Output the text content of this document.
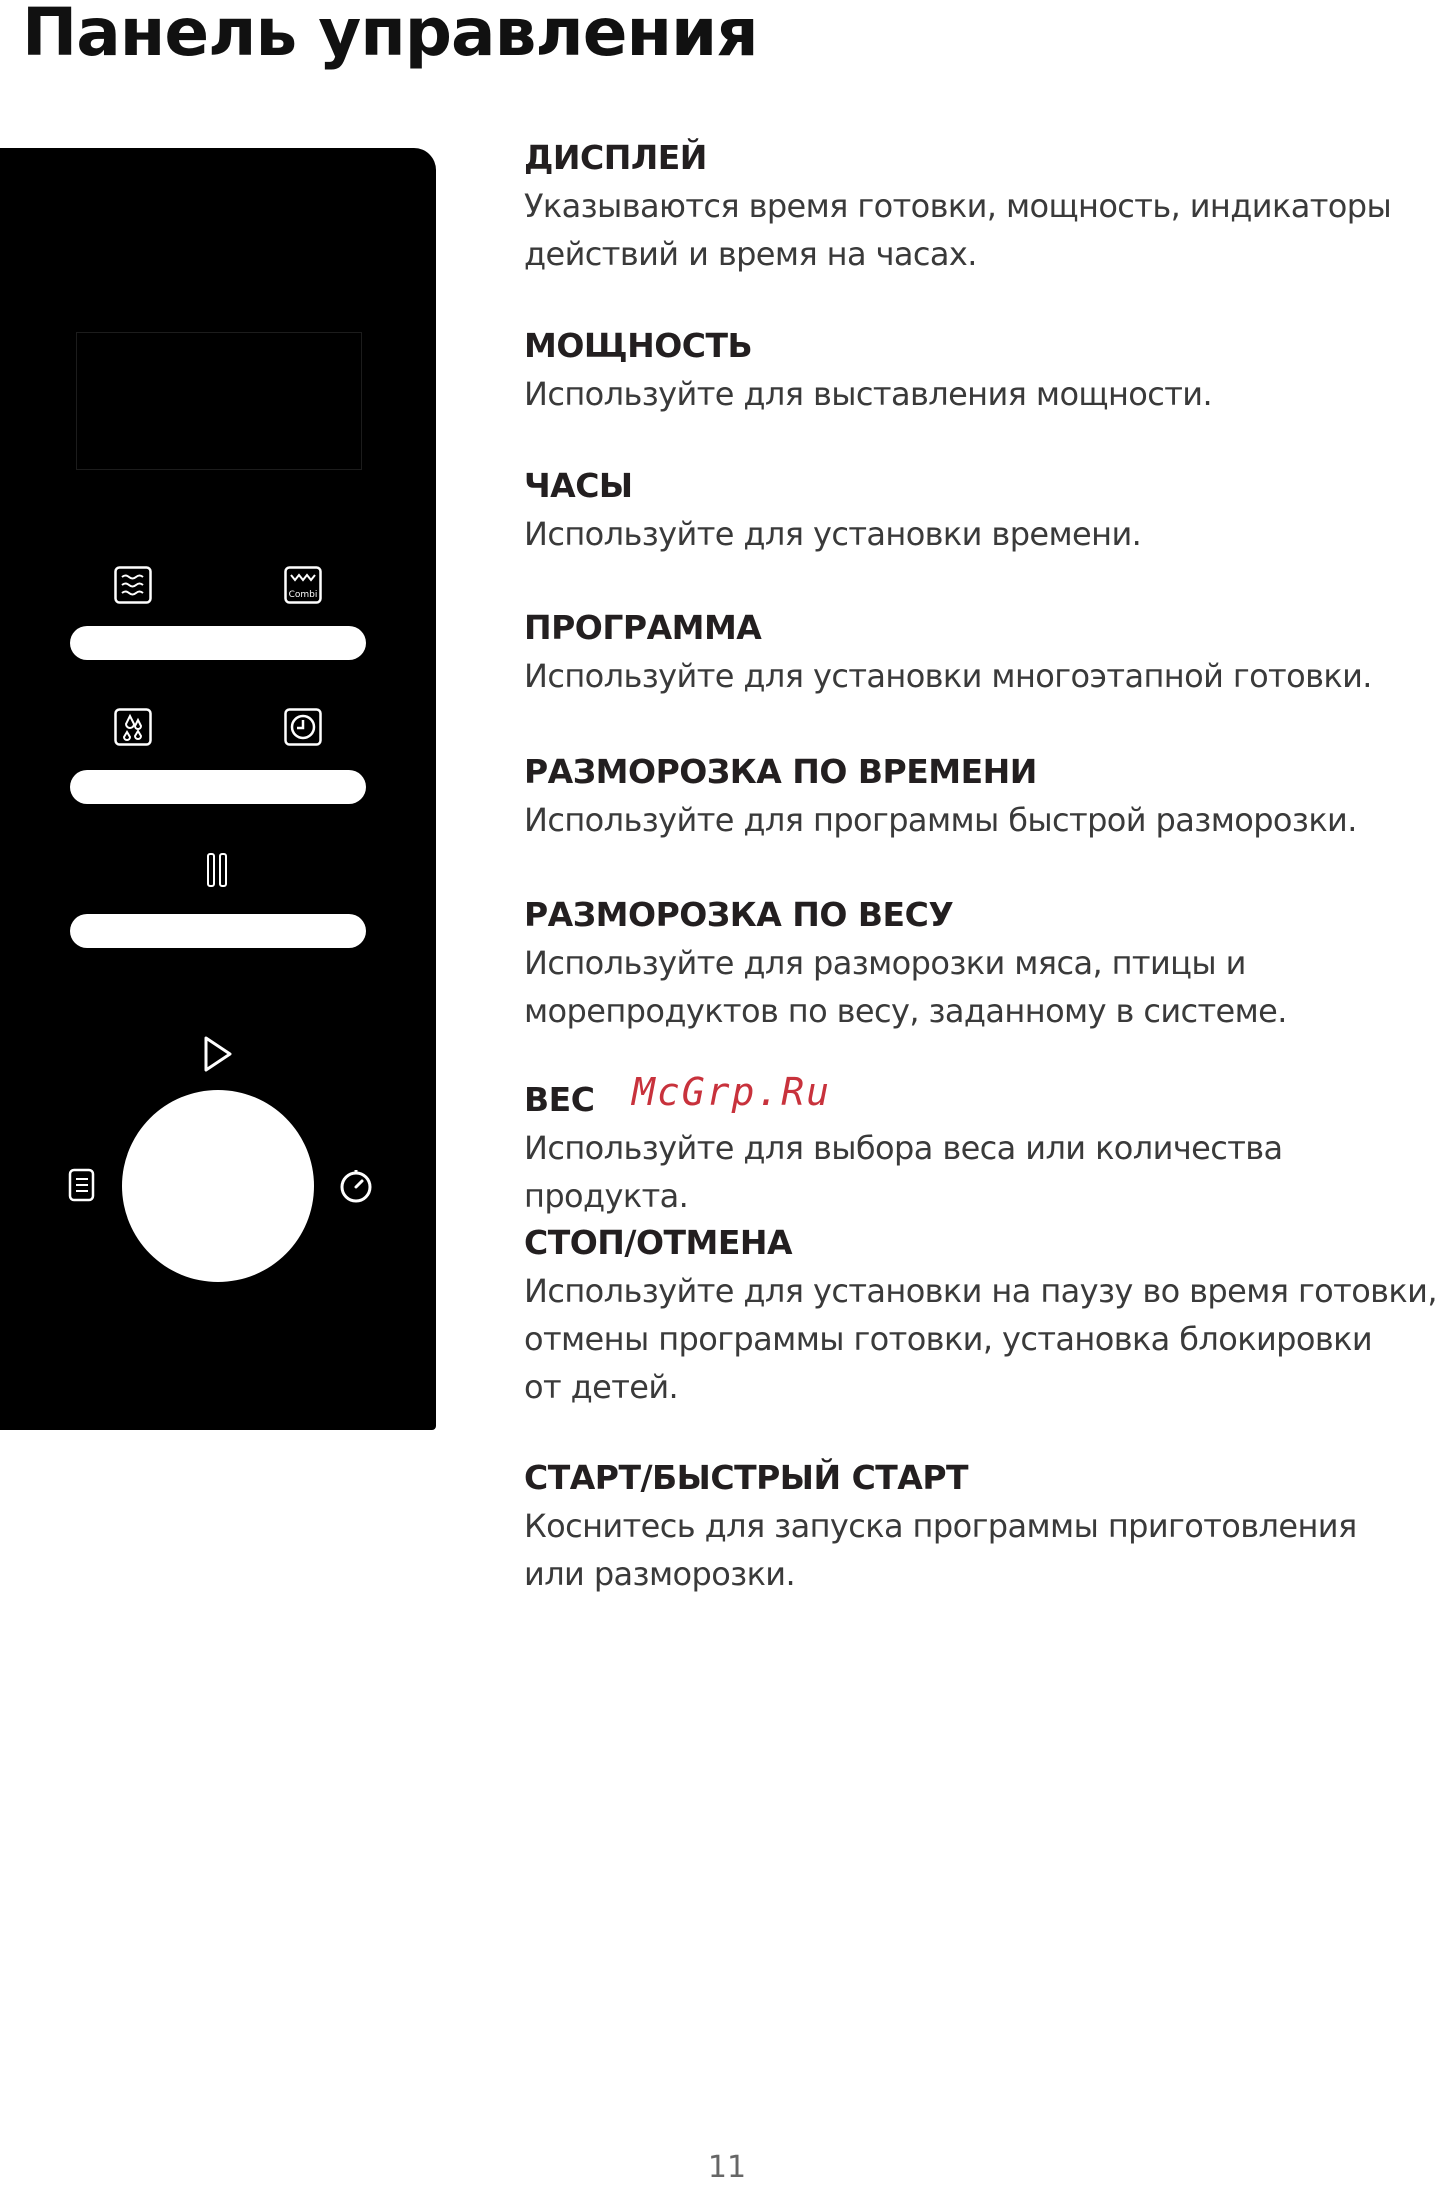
Панель управления
Combi
ДИСПЛЕЙ
Указываются время готовки, мощность, индикаторы
действий и время на часах.
МОЩНОСТЬ
Используйте для выставления мощности.
ЧАСЫ
Используйте для установки времени.
ПРОГРАММА
Используйте для установки многоэтапной готовки.
РАЗМОРОЗКА ПО ВРЕМЕНИ
Используйте для программы быстрой разморозки.
РАЗМОРОЗКА ПО ВЕСУ
Используйте для разморозки мяса, птицы и
морепродуктов по весу, заданному в системе.
ВЕС
Используйте для выбора веса или количества продукта.
СТОП/ОТМЕНА
Используйте для установки на паузу во время готовки,
отмены программы готовки, установка блокировки
от детей.
СТАРТ/БЫСТРЫЙ СТАРТ
Коснитесь для запуска программы приготовления
или разморозки.
McGrp.Ru
11
